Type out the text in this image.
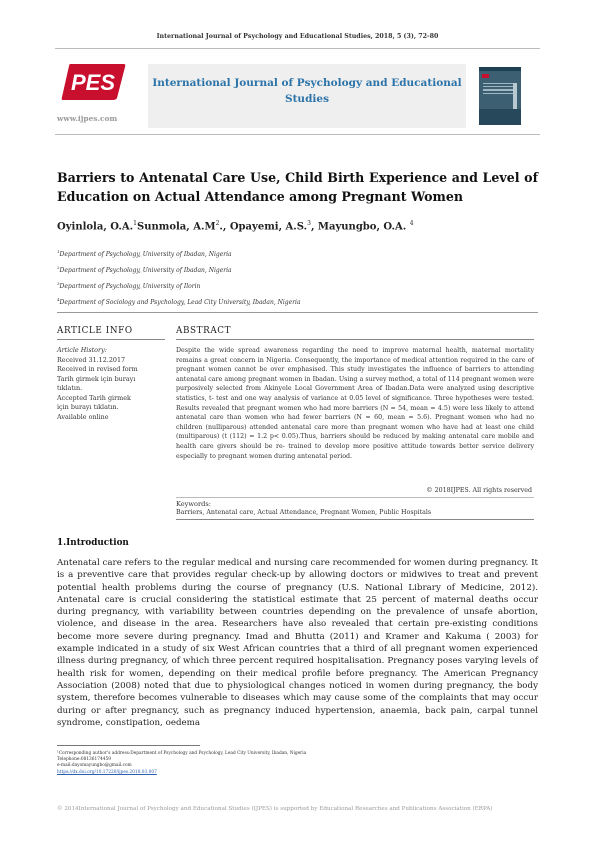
International Journal of Psychology and Educational Studies, 2018, 5 (3), 72-80
PES
www.ijpes.com
International Journal of Psychology and Educational Studies
Barriers to Antenatal Care Use, Child Birth Experience and Level of Education on Actual Attendance among Pregnant Women
Oyinlola, O.A.$^1$Sunmola, $A.M^2$., Opayemi, A.S.$^3$, Mayungbo, O.A. $^4$
$^1$Department of Psychology, University of Ibadan, Nigeria
$^2$Department of Psychology, University of Ibadan, Nigeria
$^3$Department of Psychology, University of Ilorin
$^4$Department of Sociology and Psychology, Lead City University, Ibadan, Nigeria
ARTICLE INFO	ABSTRACT
Article History:
Received 31.12.2017
Received in revised form
Tarih girmek için burayı
tıklatın.
Accepted Tarih girmek
için burayı tıklatın.
Available online
Despite the wide spread awareness regarding the need to improve maternal health, maternal mortality remains a great concern in Nigeria. Consequently, the importance of medical attention required in the care of pregnant women cannot be over emphasised. This study investigates the influence of barriers to attending antenatal care among pregnant women in Ibadan. Using a survey method, a total of 114 pregnant women were purposively selected from Akinyele Local Government Area of Ibadan.Data were analyzed using descriptive statistics, t- test and one way analysis of variance at 0.05 level of significance. Three hypotheses were tested. Results revealed that pregnant women who had more barriers (N = 54, mean = 4.5) were less likely to attend antenatal care than women who had fewer barriers (N = 60, mean = 5.6). Pregnant women who had no children (nulliparous) attended antenatal care more than pregnant women who have had at least one child (multiparous) (t (112) = 1.2 p< 0.05).Thus, barriers should be reduced by making antenatal care mobile and health care givers should be re- trained to develop more positive attitude towards better service delivery especially to pregnant women during antenatal period.
© 2018IJPES. All rights reserved
Keywords:
Barriers, Antenatal care, Actual Attendance, Pregnant Women, Public Hospitals
1.Introduction
Antenatal care refers to the regular medical and nursing care recommended for women during pregnancy. It is a preventive care that provides regular check-up by allowing doctors or midwives to treat and prevent potential health problems during the course of pregnancy (U.S. National Library of Medicine, 2012). Antenatal care is crucial considering the statistical estimate that 25 percent of maternal deaths occur during pregnancy, with variability between countries depending on the prevalence of unsafe abortion, violence, and disease in the area. Researchers have also revealed that certain pre-existing conditions become more severe during pregnancy. Imad and Bhutta (2011) and Kramer and Kakuma ( 2003) for example indicated in a study of six West African countries that a third of all pregnant women experienced illness during pregnancy, of which three percent required hospitalisation. Pregnancy poses varying levels of health risk for women, depending on their medical profile before pregnancy. The American Pregnancy Association (2008) noted that due to physiological changes noticed in women during pregnancy, the body system, therefore becomes vulnerable to diseases which may cause some of the complaints that may occur during or after pregnancy, such as pregnancy induced hypertension, anaemia, back pain, carpal tunnel syndrome, constipation, oedema
¹Corresponding author's address:Department of Psychology and Psychology, Lead City University, Ibadan, Nigeria
Telephone:08136174459
e-mail:dayomayungbo@gmail.com
https://dx.doi.org/10.17220/ijpes.2018.03.007
© 2014International Journal of Psychology and Educational Studies (IJPES) is supported by Educational Researches and Publications Association (ERPA)
